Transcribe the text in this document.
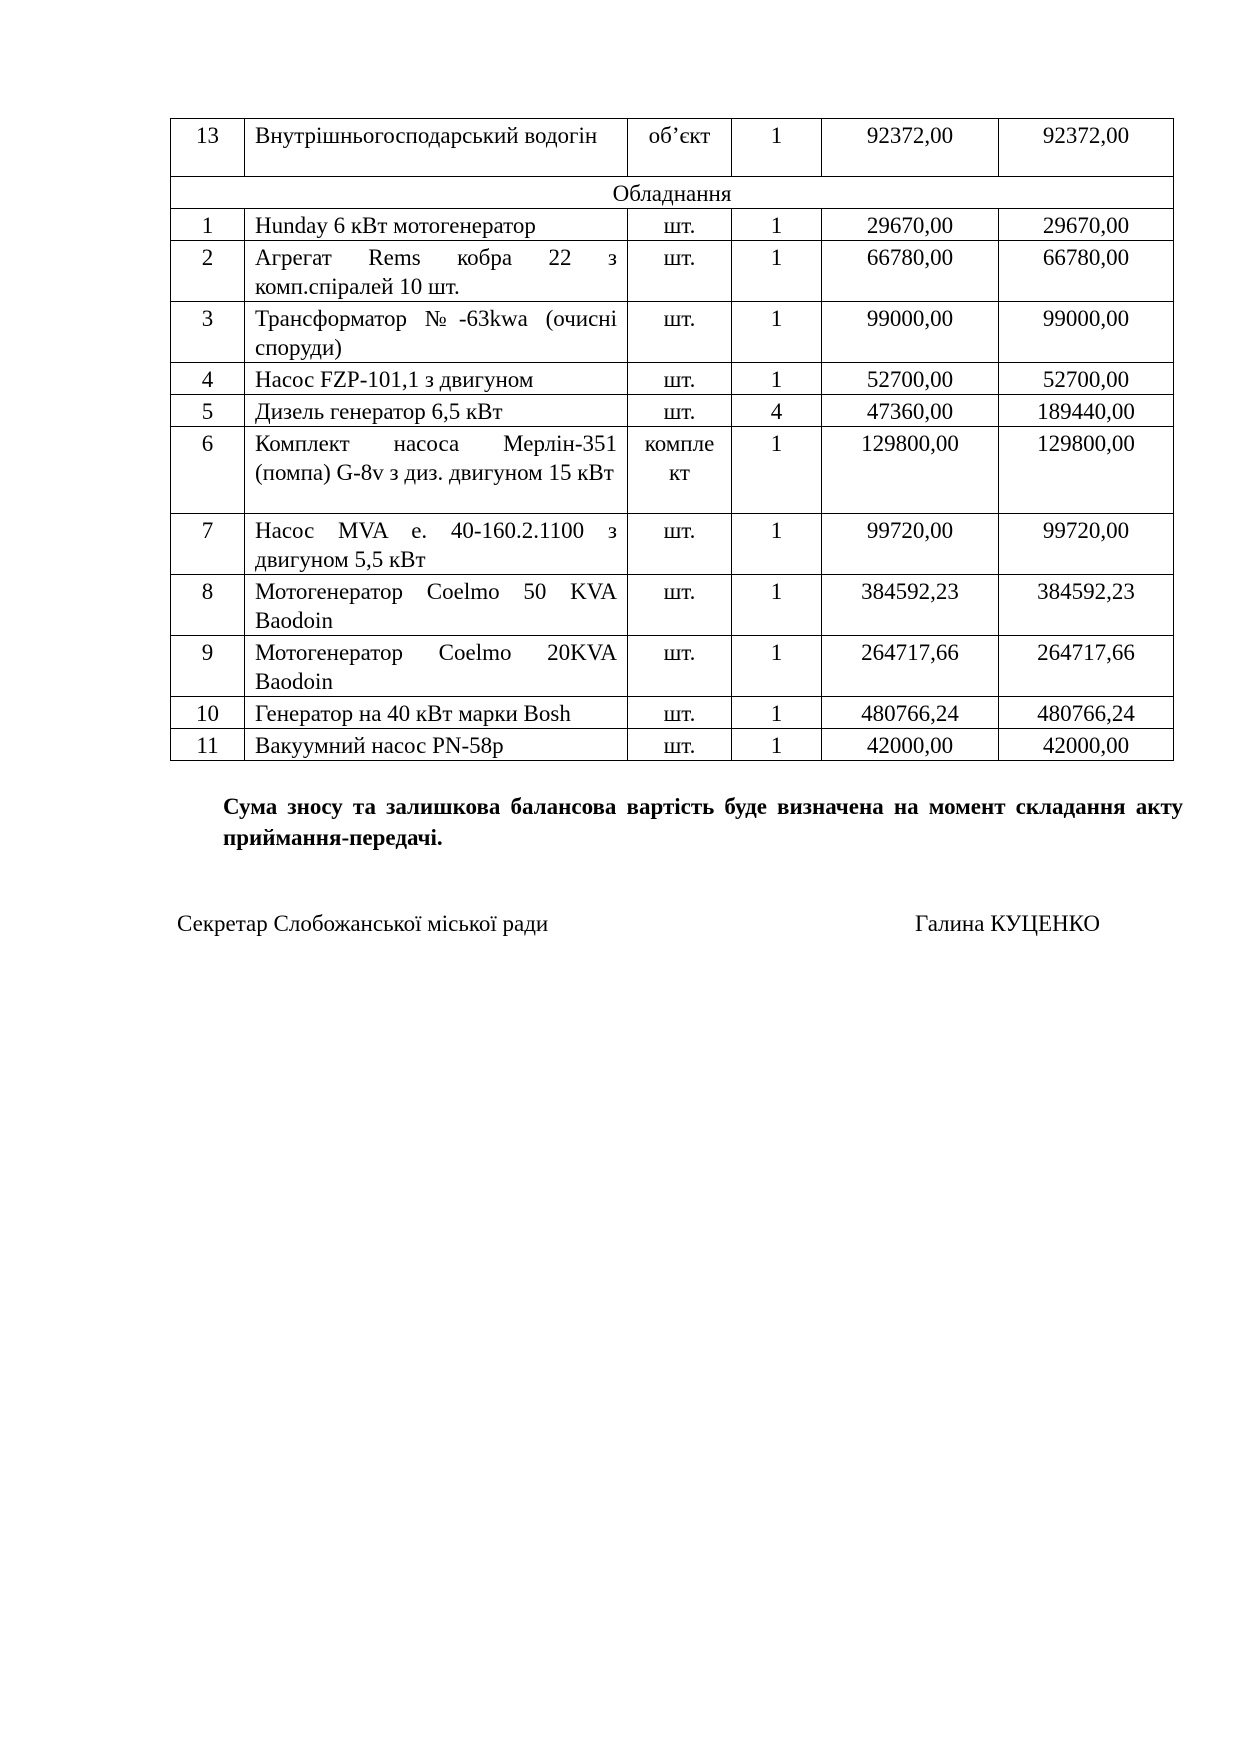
13	Внутрішньогосподарський водогін	об’єкт	1	92372,00	92372,00
Обладнання					
1	Hunday 6 кВт мотогенератор	шт.	1	29670,00	29670,00
2	Агрегат Rems кобра 22 з комп.спіралей 10 шт.	шт.	1	66780,00	66780,00
3	Трансформатор №-63kwa (очисні споруди)	шт.	1	99000,00	99000,00
4	Насос FZP-101,1 з двигуном	шт.	1	52700,00	52700,00
5	Дизель генератор 6,5 кВт	шт.	4	47360,00	189440,00
6	Комплект насоса Мерлін-351 (помпа) G-8v з диз. двигуном 15 кВт	компле кт	1	129800,00	129800,00
7	Насос MVA е. 40-160.2.1100 з двигуном 5,5 кВт	шт.	1	99720,00	99720,00
8	Мотогенератор Coelmo 50 KVA Baodoin	шт.	1	384592,23	384592,23
9	Мотогенератор Coelmo 20KVA Baodoin	шт.	1	264717,66	264717,66
10	Генератор на 40 кВт марки Bosh	шт.	1	480766,24	480766,24
11	Вакуумний насос PN-58p	шт.	1	42000,00	42000,00

Сума зносу та залишкова балансова вартість буде визначена на момент складання акту приймання-передачі.

Секретар Слобожанської міської ради	Галина КУЦЕНКО
